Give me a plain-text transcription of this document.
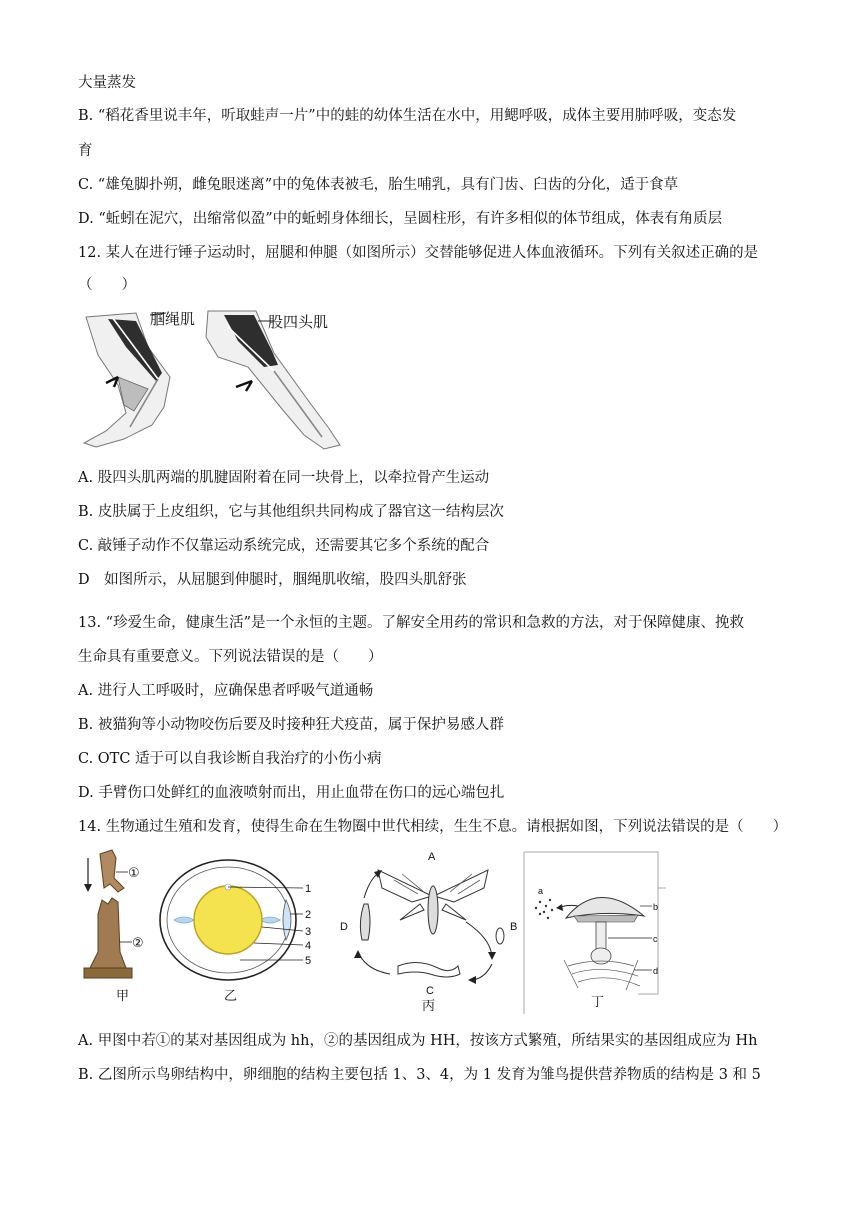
大量蒸发
B. “稻花香里说丰年，听取蛙声一片”中的蛙的幼体生活在水中，用鳃呼吸，成体主要用肺呼吸，变态发
育
C. “雄兔脚扑朔，雌兔眼迷离”中的兔体表被毛，胎生哺乳，具有门齿、臼齿的分化，适于食草
D. “蚯蚓在泥穴，出缩常似盈”中的蚯蚓身体细长，呈圆柱形，有许多相似的体节组成，体表有角质层
12. 某人在进行锤子运动时，屈腿和伸腿（如图所示）交替能够促进人体血液循环。下列有关叙述正确的是
（　　）
腘绳肌	股四头肌
A. 股四头肌两端的肌腱固附着在同一块骨上，以牵拉骨产生运动
B. 皮肤属于上皮组织，它与其他组织共同构成了器官这一结构层次
C. 敲锤子动作不仅靠运动系统完成，还需要其它多个系统的配合
D　如图所示，从屈腿到伸腿时，腘绳肌收缩，股四头肌舒张
13. “珍爱生命，健康生活”是一个永恒的主题。了解安全用药的常识和急救的方法，对于保障健康、挽救
生命具有重要意义。下列说法错误的是（　　）
A. 进行人工呼吸时，应确保患者呼吸气道通畅
B. 被猫狗等小动物咬伤后要及时接种狂犬疫苗，属于保护易感人群
C. OTC 适于可以自我诊断自我治疗的小伤小病
D. 手臂伤口处鲜红的血液喷射而出，用止血带在伤口的远心端包扎
14. 生物通过生殖和发育，使得生命在生物圈中世代相续，生生不息。请根据如图，下列说法错误的是（　　）
①
②
甲
1
2
3
4
5
乙
A
B
C
D
丙
a
b
c
d
丁
A. 甲图中若①的某对基因组成为 hh，②的基因组成为 HH，按该方式繁殖，所结果实的基因组成应为 Hh
B. 乙图所示鸟卵结构中，卵细胞的结构主要包括 1、3、4，为 1 发育为雏鸟提供营养物质的结构是 3 和 5
